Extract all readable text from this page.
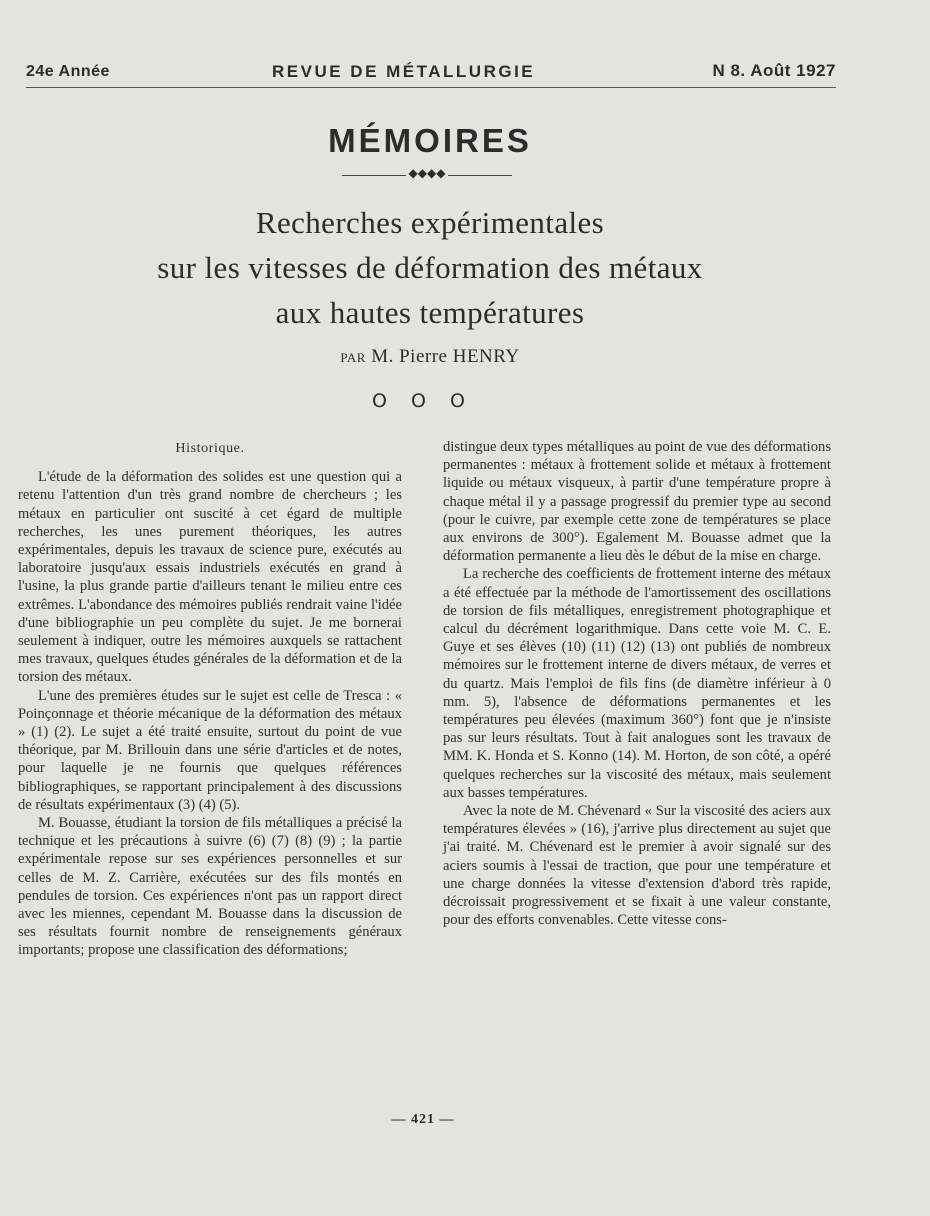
24e Année	REVUE DE MÉTALLURGIE	N 8. Août 1927
MÉMOIRES
◆◆◆◆
Recherches expérimentales
sur les vitesses de déformation des métaux
aux hautes températures
PAR M. Pierre HENRY
O O O
Historique.

L'étude de la déformation des solides est une question qui a retenu l'attention d'un très grand nombre de chercheurs ; les métaux en particulier ont suscité à cet égard de multiple recherches, les unes purement théoriques, les autres expérimentales, depuis les travaux de science pure, exécutés au laboratoire jusqu'aux essais industriels exécutés en grand à l'usine, la plus grande partie d'ailleurs tenant le milieu entre ces extrêmes. L'abondance des mémoires publiés rendrait vaine l'idée d'une bibliographie un peu complète du sujet. Je me bornerai seulement à indiquer, outre les mémoires auxquels se rattachent mes travaux, quelques études générales de la déformation et de la torsion des métaux.

L'une des premières études sur le sujet est celle de Tresca : « Poinçonnage et théorie mécanique de la déformation des métaux » (1) (2). Le sujet a été traité ensuite, surtout du point de vue théorique, par M. Brillouin dans une série d'articles et de notes, pour laquelle je ne fournis que quelques références bibliographiques, se rapportant principalement à des discussions de résultats expérimentaux (3) (4) (5).

M. Bouasse, étudiant la torsion de fils métalliques a précisé la technique et les précautions à suivre (6) (7) (8) (9) ; la partie expérimentale repose sur ses expériences personnelles et sur celles de M. Z. Carrière, exécutées sur des fils montés en pendules de torsion. Ces expériences n'ont pas un rapport direct avec les miennes, cependant M. Bouasse dans la discussion de ses résultats fournit nombre de renseignements généraux importants; propose une classification des déformations;

distingue deux types métalliques au point de vue des déformations permanentes : métaux à frottement solide et métaux à frottement liquide ou métaux visqueux, à partir d'une température propre à chaque métal il y a passage progressif du premier type au second (pour le cuivre, par exemple cette zone de températures se place aux environs de 300°). Egalement M. Bouasse admet que la déformation permanente a lieu dès le début de la mise en charge.

La recherche des coefficients de frottement interne des métaux a été effectuée par la méthode de l'amortissement des oscillations de torsion de fils métalliques, enregistrement photographique et calcul du décrément logarithmique. Dans cette voie M. C. E. Guye et ses élèves (10) (11) (12) (13) ont publiés de nombreux mémoires sur le frottement interne de divers métaux, de verres et du quartz. Mais l'emploi de fils fins (de diamètre inférieur à 0 mm. 5), l'absence de déformations permanentes et les températures peu élevées (maximum 360°) font que je n'insiste pas sur leurs résultats. Tout à fait analogues sont les travaux de MM. K. Honda et S. Konno (14). M. Horton, de son côté, a opéré quelques recherches sur la viscosité des métaux, mais seulement aux basses températures.

Avec la note de M. Chévenard « Sur la viscosité des aciers aux températures élevées » (16), j'arrive plus directement au sujet que j'ai traité. M. Chévenard est le premier à avoir signalé sur des aciers soumis à l'essai de traction, que pour une température et une charge données la vitesse d'extension d'abord très rapide, décroissait progressivement et se fixait à une valeur constante, pour des efforts convenables. Cette vitesse cons-

— 421 —
